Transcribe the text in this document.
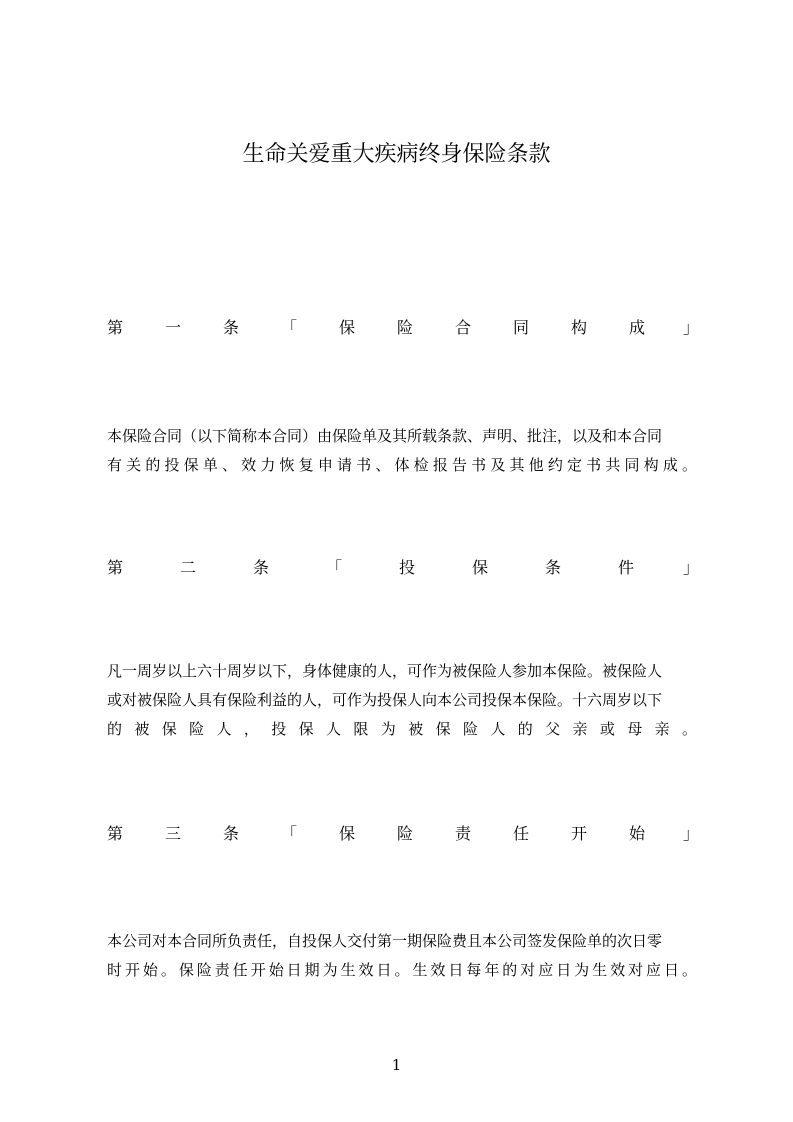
生命关爱重大疾病终身保险条款
第	一	条	「	保	险	合	同	构	成 」
本保险合同（以下简称本合同）由保险单及其所载条款、声明、批注，以及和本合同
有关的投保单、效力恢复申请书、体检报告书及其他约定书共同构成。
第	二	条	「	投	保	条	件	」
凡一周岁以上六十周岁以下，身体健康的人，可作为被保险人参加本保险。被保险人
或对被保险人具有保险利益的人，可作为投保人向本公司投保本保险。十六周岁以下
的被保险人，投保人限为被保险人的父亲或母亲。
第	三	条	「	保	险	责	任	开	始 」
本公司对本合同所负责任，自投保人交付第一期保险费且本公司签发保险单的次日零
时开始。保险责任开始日期为生效日。生效日每年的对应日为生效对应日。
1
